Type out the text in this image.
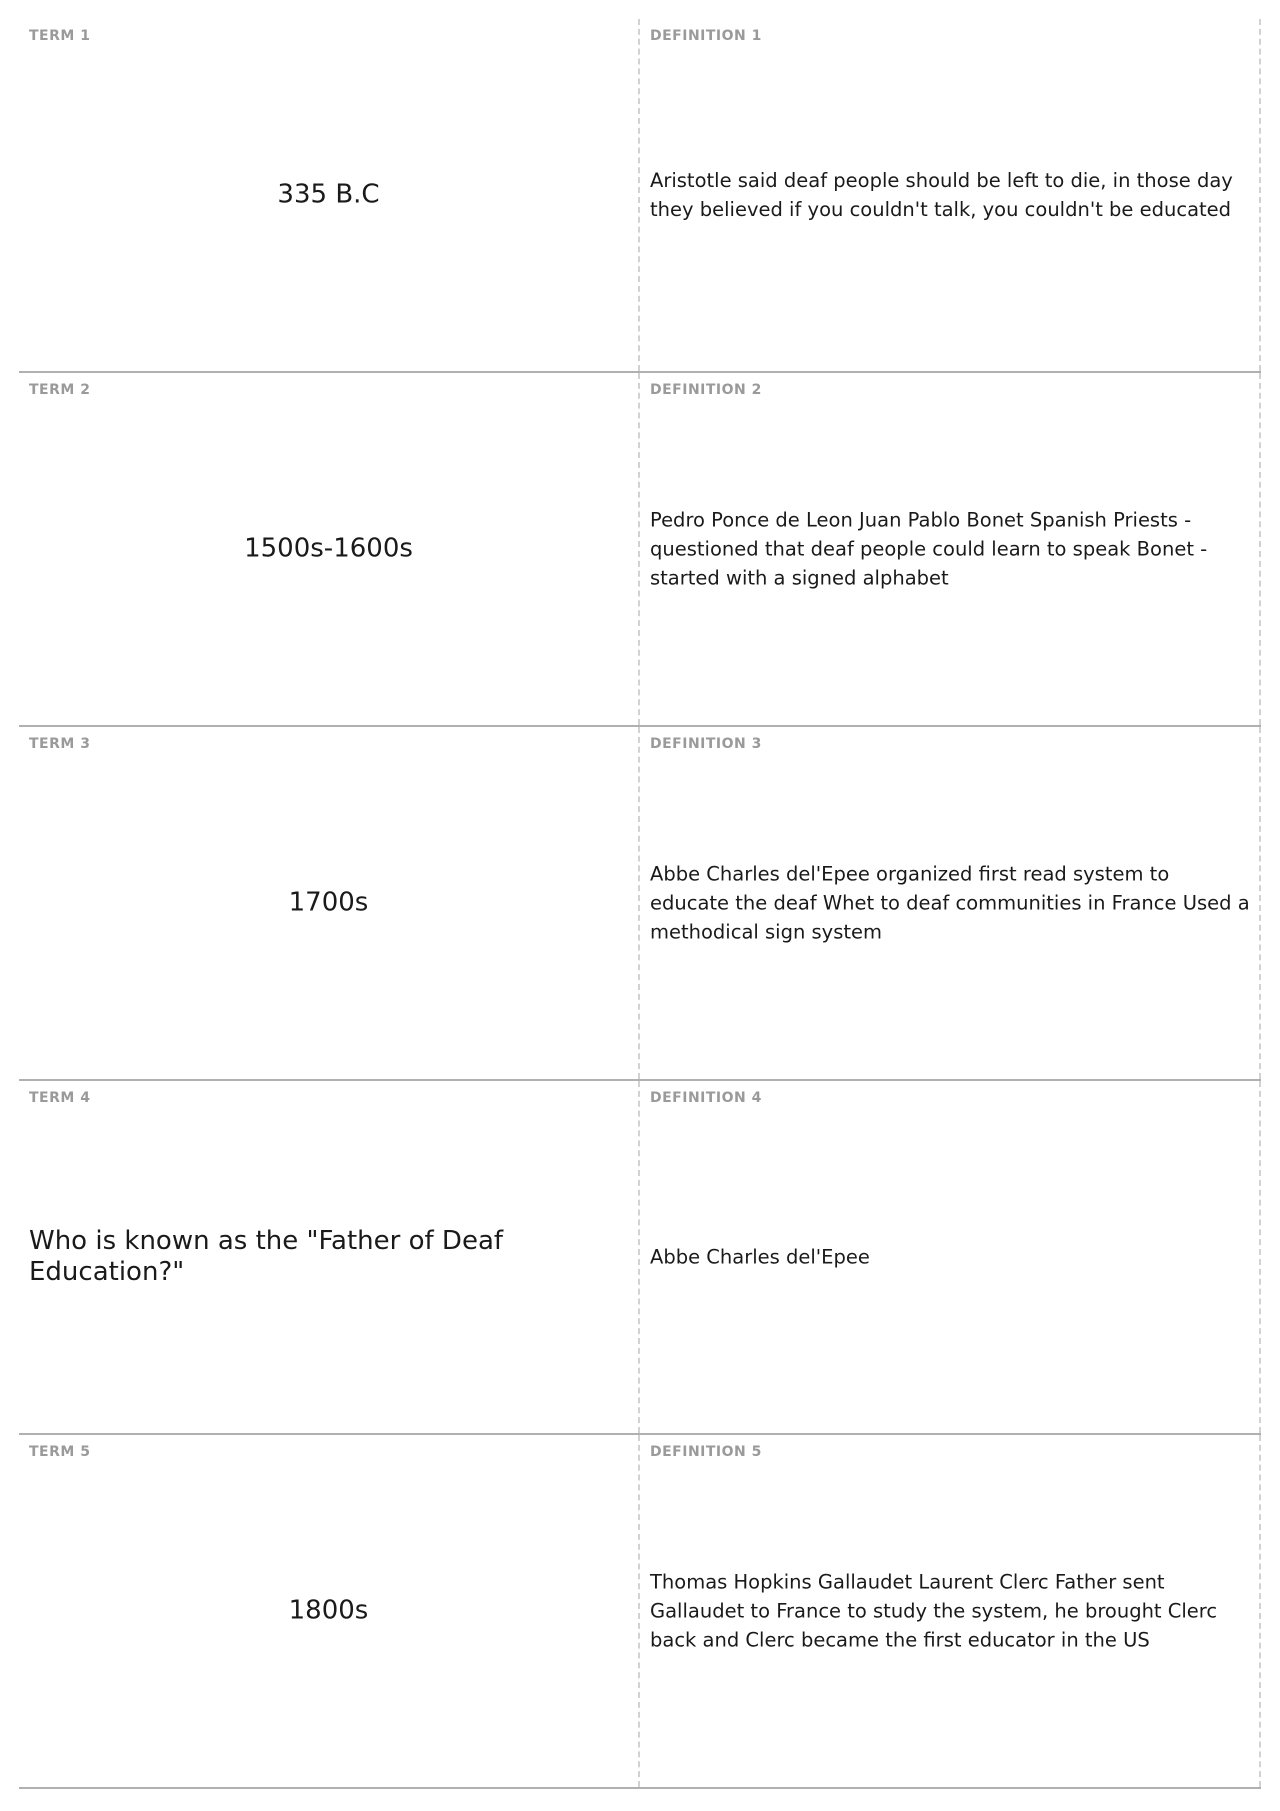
TERM 1
335 B.C
DEFINITION 1
Aristotle said deaf people should be left to die, in those day they believed if you couldn't talk, you couldn't be educated
TERM 2
1500s-1600s
DEFINITION 2
Pedro Ponce de Leon Juan Pablo Bonet Spanish Priests - questioned that deaf people could learn to speak Bonet - started with a signed alphabet
TERM 3
1700s
DEFINITION 3
Abbe Charles del'Epee organized first read system to educate the deaf Whet to deaf communities in France Used a methodical sign system
TERM 4
Who is known as the "Father of Deaf Education?"
DEFINITION 4
Abbe Charles del'Epee
TERM 5
1800s
DEFINITION 5
Thomas Hopkins Gallaudet Laurent Clerc Father sent Gallaudet to France to study the system, he brought Clerc back and Clerc became the first educator in the US
